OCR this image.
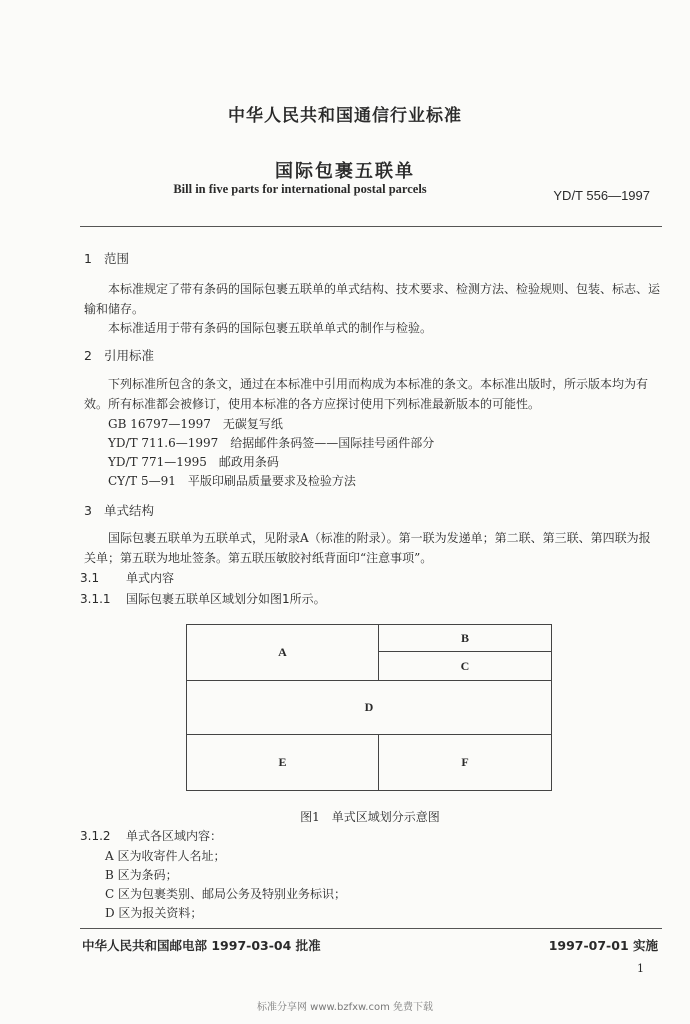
中华人民共和国通信行业标准
国际包裹五联单
Bill in five parts for international postal parcels	YD/T 556—1997
1 范围
本标准规定了带有条码的国际包裹五联单的单式结构、技术要求、检测方法、检验规则、包装、标志、运输和储存。
本标准适用于带有条码的国际包裹五联单单式的制作与检验。
2 引用标准
下列标准所包含的条文，通过在本标准中引用而构成为本标准的条文。本标准出版时，所示版本均为有效。所有标准都会被修订，使用本标准的各方应探讨使用下列标准最新版本的可能性。
GB 16797—1997　无碳复写纸
YD/T 711.6—1997　给据邮件条码签——国际挂号函件部分
YD/T 771—1995　邮政用条码
CY/T 5—91　平版印刷品质量要求及检验方法
3 单式结构
国际包裹五联单为五联单式，见附录A（标准的附录）。第一联为发递单；第二联、第三联、第四联为报关单；第五联为地址签条。第五联压敏胶衬纸背面印“注意事项”。
3.1 单式内容
3.1.1 国际包裹五联单区域划分如图1所示。
A
B
C
D
E	F
图1　单式区域划分示意图
3.1.2 单式各区域内容：
A 区为收寄件人名址；
B 区为条码；
C 区为包裹类别、邮局公务及特别业务标识；
D 区为报关资料；
中华人民共和国邮电部 1997-03-04 批准	1997-07-01 实施
1
标准分享网 www.bzfxw.com 免费下载
